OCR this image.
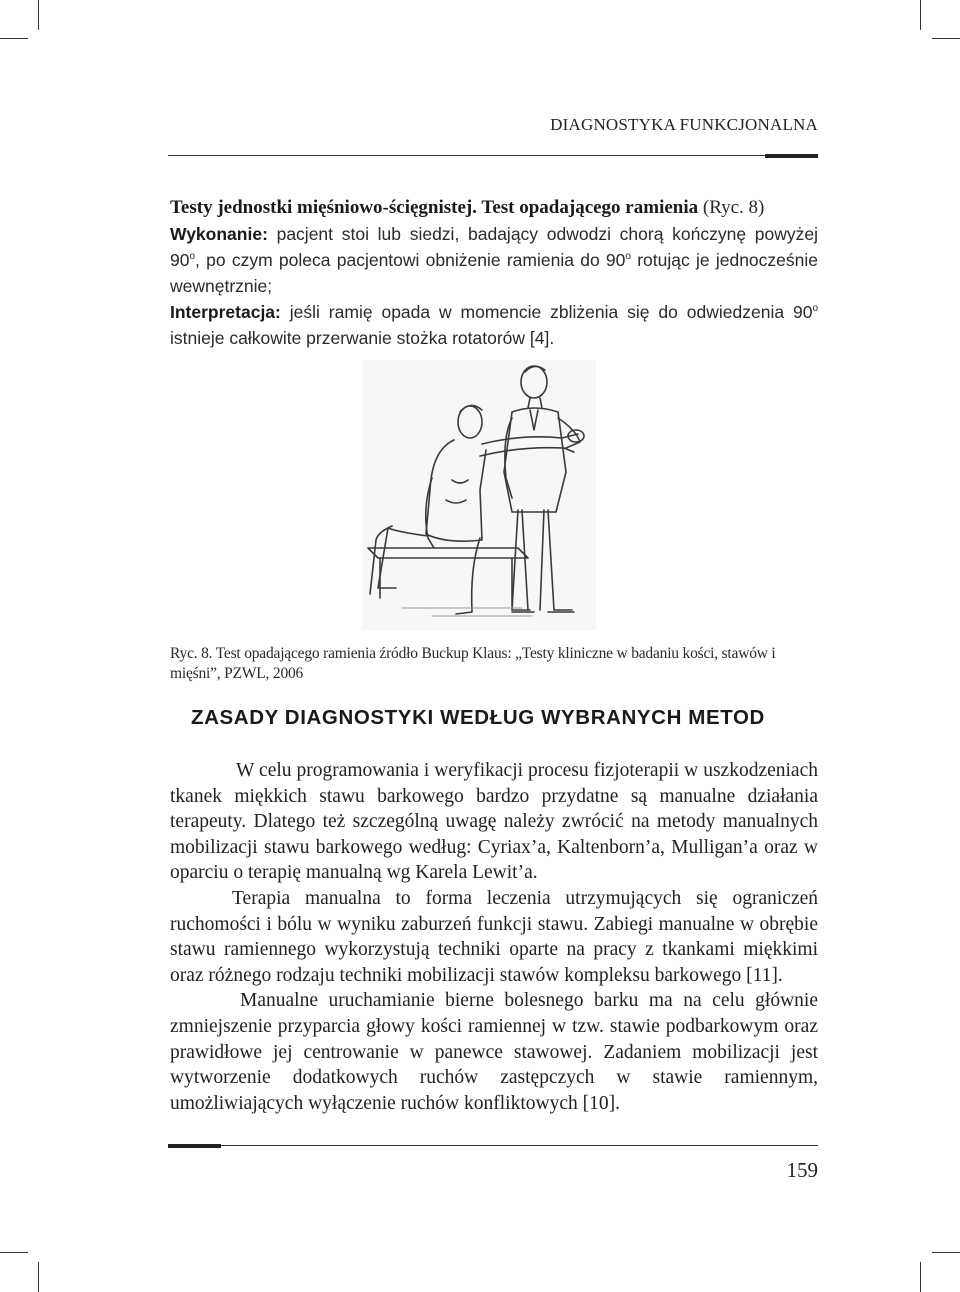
DIAGNOSTYKA FUNKCJONALNA

Testy jednostki mięśniowo-ścięgnistej. Test opadającego ramienia (Ryc. 8)
Wykonanie: pacjent stoi lub siedzi, badający odwodzi chorą kończynę powyżej 90$^o$, po czym poleca pacjentowi obniżenie ramienia do 90$^o$ rotując je jednocześnie wewnętrznie;
Interpretacja: jeśli ramię opada w momencie zbliżenia się do odwiedzenia 90$^o$ istnieje całkowite przerwanie stożka rotatorów [4].

Ryc. 8. Test opadającego ramienia źródło Buckup Klaus: „Testy kliniczne w badaniu kości, stawów i mięśni”, PZWL, 2006
ZASADY DIAGNOSTYKI WEDŁUG WYBRANYCH METOD

W celu programowania i weryfikacji procesu fizjoterapii w uszkodzeniach tkanek miękkich stawu barkowego bardzo przydatne są manualne działania terapeuty. Dlatego też szczególną uwagę należy zwrócić na metody manualnych mobilizacji stawu barkowego według: Cyriax’a, Kaltenborn’a, Mulligan’a oraz w oparciu o terapię manualną wg Karela Lewit’a.

Terapia manualna to forma leczenia utrzymujących się ograniczeń ruchomości i bólu w wyniku zaburzeń funkcji stawu. Zabiegi manualne w obrębie stawu ramiennego wykorzystują techniki oparte na pracy z tkankami miękkimi oraz różnego rodzaju techniki mobilizacji stawów kompleksu barkowego [11].

Manualne uruchamianie bierne bolesnego barku ma na celu głównie zmniejszenie przyparcia głowy kości ramiennej w tzw. stawie podbarkowym oraz prawidłowe jej centrowanie w panewce stawowej. Zadaniem mobilizacji jest wytworzenie dodatkowych ruchów zastępczych w stawie ramiennym, umożliwiających wyłączenie ruchów konfliktowych [10].

159
